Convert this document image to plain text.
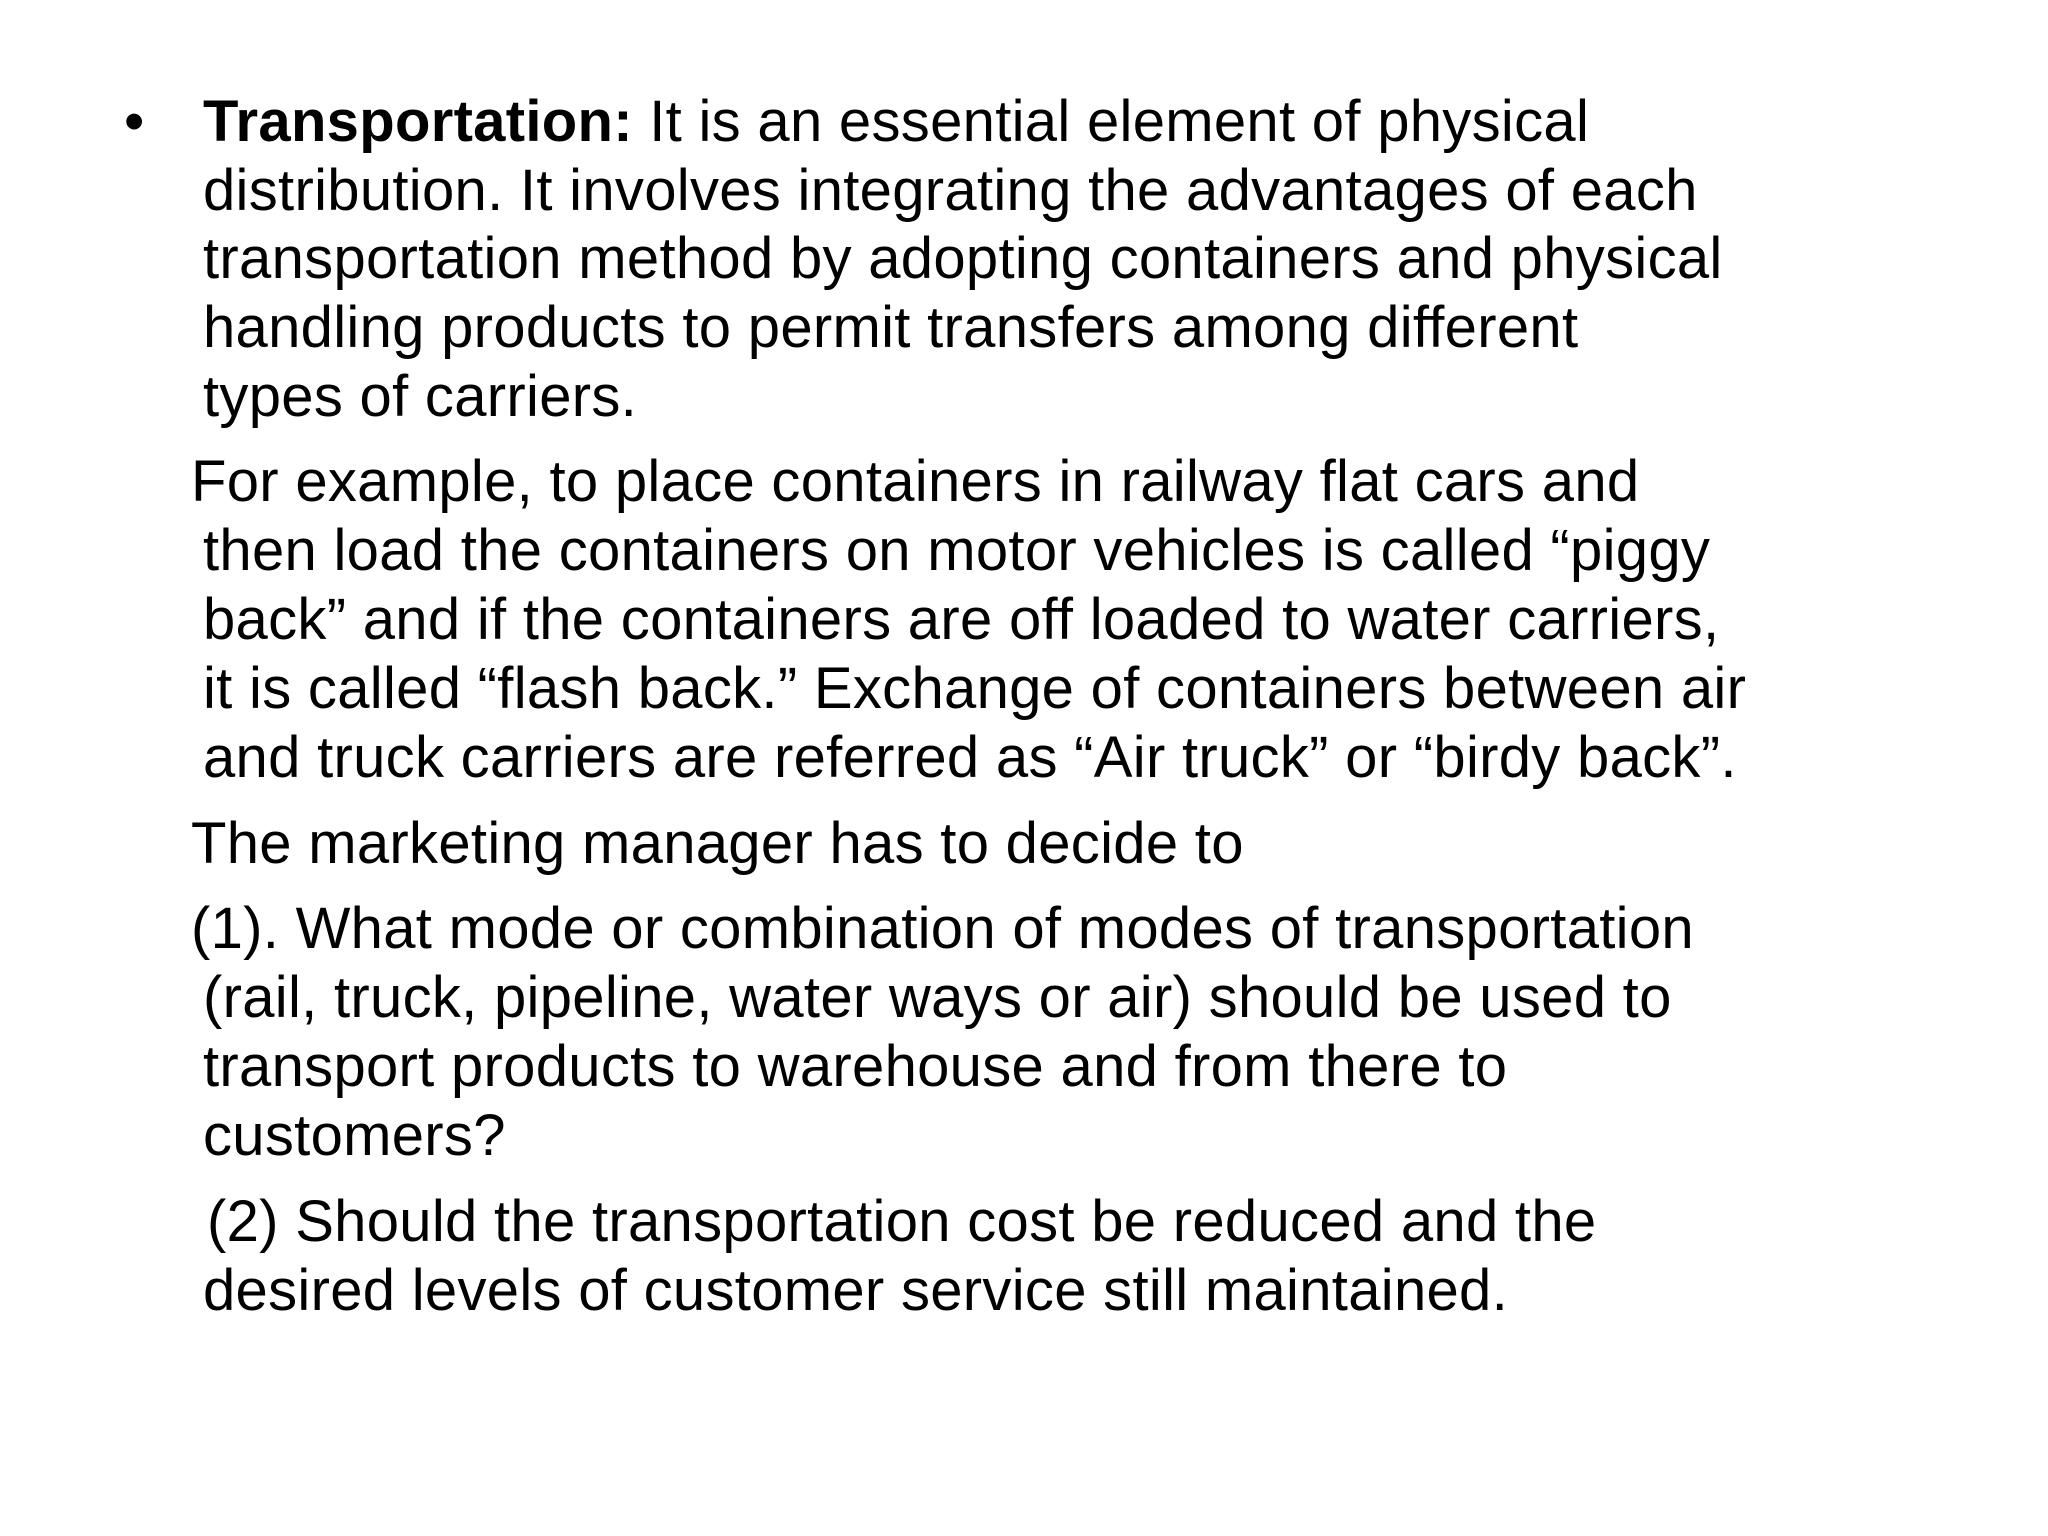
• Transportation: It is an essential element of physical
distribution. It involves integrating the advantages of each
transportation method by adopting containers and physical
handling products to permit transfers among different
types of carriers.
For example, to place containers in railway flat cars and
then load the containers on motor vehicles is called “piggy
back” and if the containers are off loaded to water carriers,
it is called “flash back.” Exchange of containers between air
and truck carriers are referred as “Air truck” or “birdy back”.
The marketing manager has to decide to
(1). What mode or combination of modes of transportation
(rail, truck, pipeline, water ways or air) should be used to
transport products to warehouse and from there to
customers?
(2) Should the transportation cost be reduced and the
desired levels of customer service still maintained.
